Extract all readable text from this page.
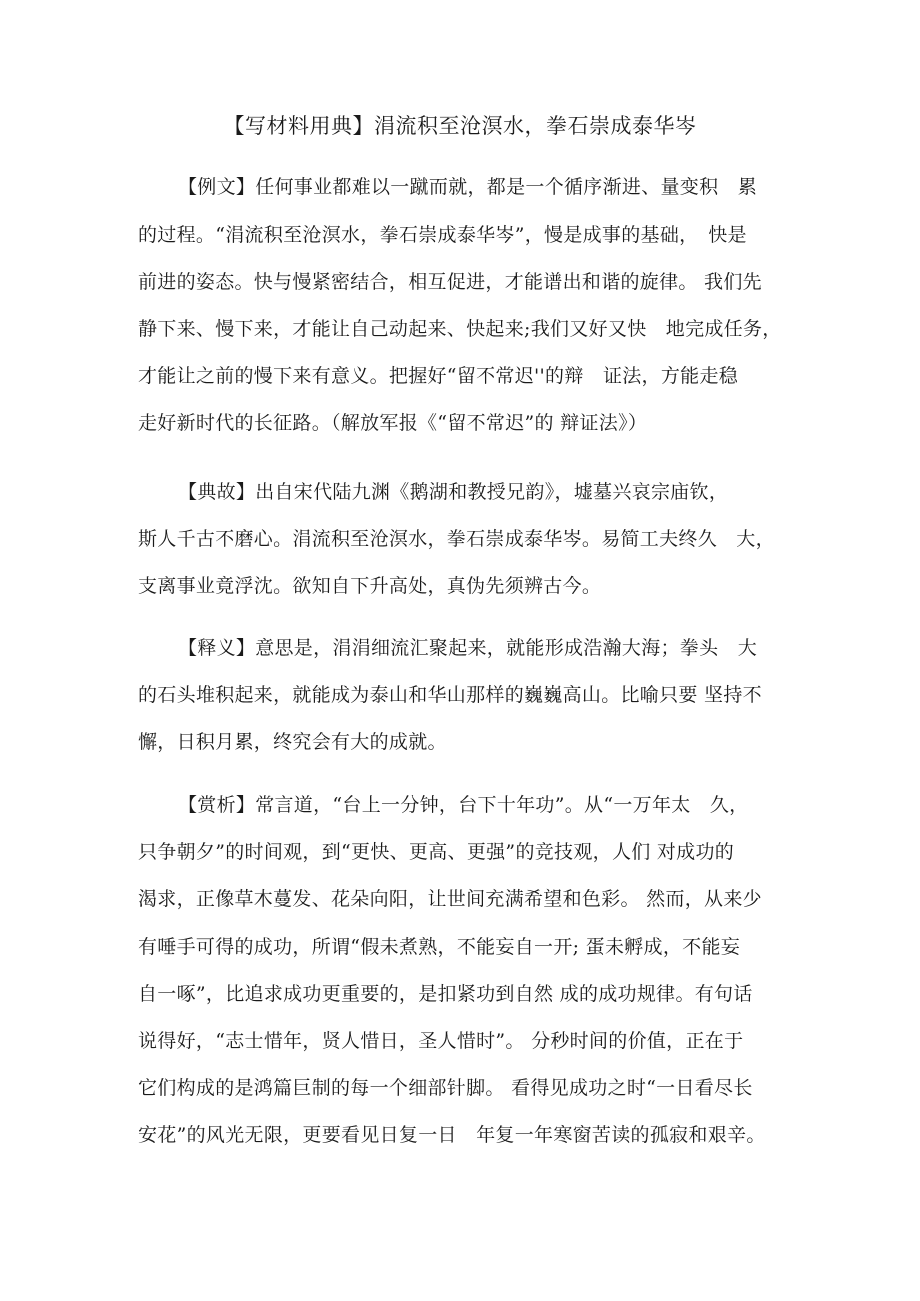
【写材料用典】涓流积至沧溟水，拳石崇成泰华岑
【例文】任何事业都难以一蹴而就，都是一个循序渐进、量变积　累
的过程。“涓流积至沧溟水，拳石崇成泰华岑”，慢是成事的基础，　快是
前进的姿态。快与慢紧密结合，相互促进，才能谱出和谐的旋律。 我们先
静下来、慢下来，才能让自己动起来、快起来;我们又好又快　地完成任务，
才能让之前的慢下来有意义。把握好“留不常迟''的辩　证法，方能走稳
走好新时代的长征路。（解放军报《“留不常迟”的 辩证法》）
【典故】出自宋代陆九渊《鹅湖和教授兄韵》，墟墓兴哀宗庙钦，
斯人千古不磨心。涓流积至沧溟水，拳石崇成泰华岑。易简工夫终久　大，
支离事业竟浮沈。欲知自下升高处，真伪先须辨古今。
【释义】意思是，涓涓细流汇聚起来，就能形成浩瀚大海；拳头　大
的石头堆积起来，就能成为泰山和华山那样的巍巍高山。比喻只要 坚持不
懈，日积月累，终究会有大的成就。
【赏析】常言道，“台上一分钟，台下十年功”。从“一万年太　久，
只争朝夕”的时间观，到“更快、更高、更强”的竞技观，人们 对成功的
渴求，正像草木蔓发、花朵向阳，让世间充满希望和色彩。 然而，从来少
有唾手可得的成功，所谓“假未煮熟，不能妄自一开; 蛋未孵成，不能妄
自一啄”，比追求成功更重要的，是扣紧功到自然 成的成功规律。有句话
说得好，“志士惜年，贤人惜日，圣人惜时”。 分秒时间的价值，正在于
它们构成的是鸿篇巨制的每一个细部针脚。 看得见成功之时“一日看尽长
安花”的风光无限，更要看见日复一日　年复一年寒窗苦读的孤寂和艰辛。
